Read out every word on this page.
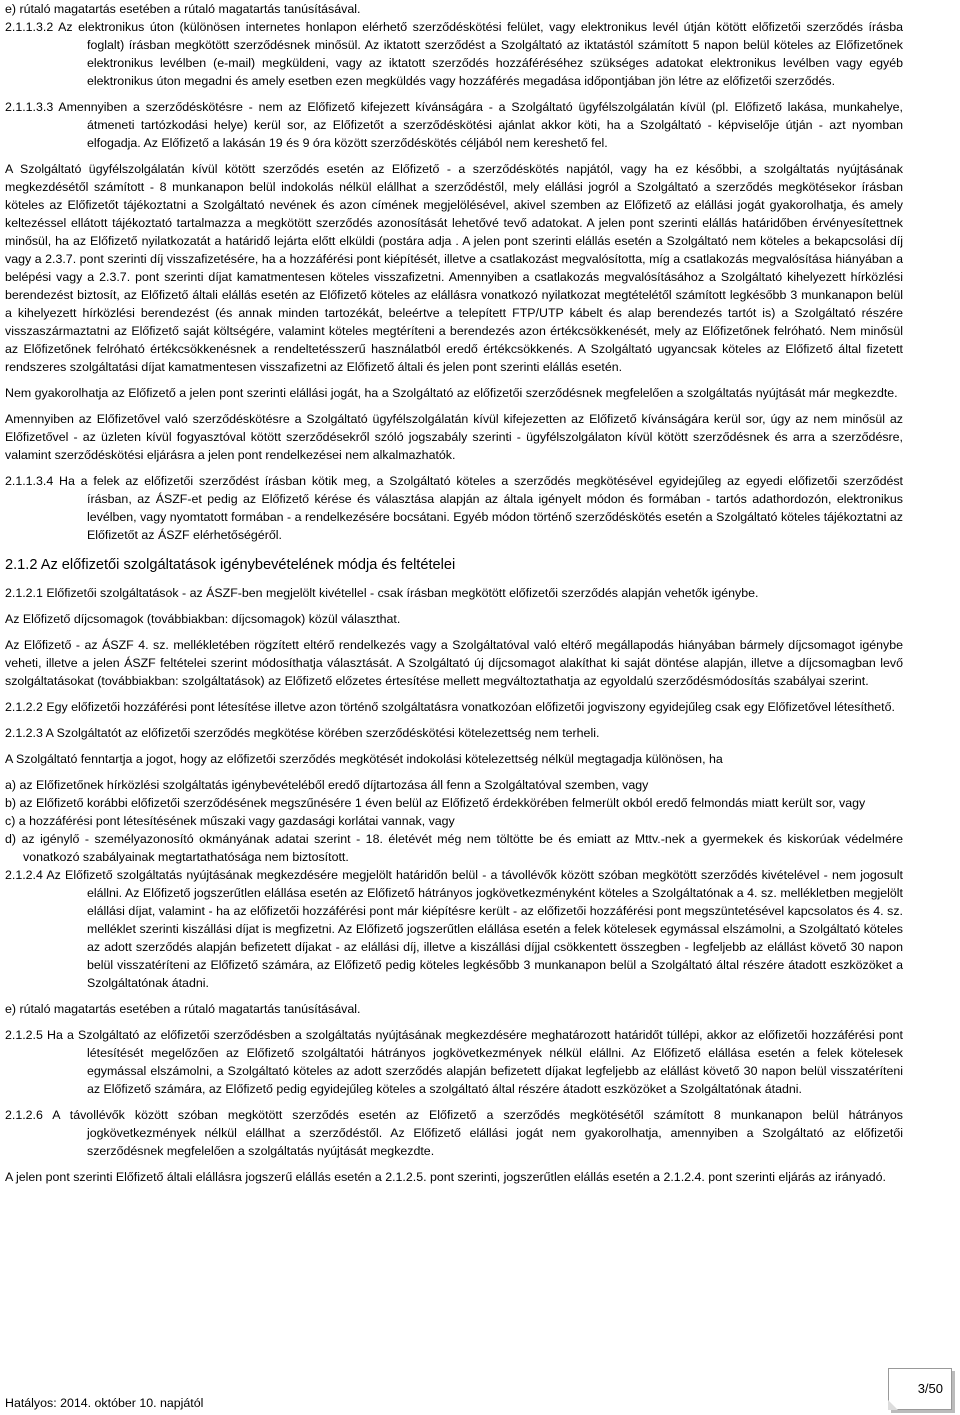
e) rútaló magatartás esetében a rútaló magatartás tanúsításával.

2.1.1.3.2 Az elektronikus úton (különösen internetes honlapon elérhető szerződéskötési felület, vagy elektronikus levél útján kötött előfizetői szerződés írásba foglalt) írásban megkötött szerződésnek minősül. Az iktatott szerződést a Szolgáltató az iktatástól számított 5 napon belül köteles az Előfizetőnek elektronikus levélben (e-mail) megküldeni, vagy az iktatott szerződés hozzáféréséhez szükséges adatokat elektronikus levélben vagy egyéb elektronikus úton megadni és amely esetben ezen megküldés vagy hozzáférés megadása időpontjában jön létre az előfizetői szerződés.

2.1.1.3.3 Amennyiben a szerződéskötésre - nem az Előfizető kifejezett kívánságára - a Szolgáltató ügyfélszolgálatán kívül (pl. Előfizető lakása, munkahelye, átmeneti tartózkodási helye) kerül sor, az Előfizetőt a szerződéskötési ajánlat akkor köti, ha a Szolgáltató - képviselője útján - azt nyomban elfogadja. Az Előfizető a lakásán 19 és 9 óra között szerződéskötés céljából nem kereshető fel.

A Szolgáltató ügyfélszolgálatán kívül kötött szerződés esetén az Előfizető - a szerződéskötés napjától, vagy ha ez későbbi, a szolgáltatás nyújtásának megkezdésétől számított - 8 munkanapon belül indokolás nélkül elállhat a szerződéstől, mely elállási jogról a Szolgáltató a szerződés megkötésekor írásban köteles az Előfizetőt tájékoztatni a Szolgáltató nevének és azon címének megjelölésével, akivel szemben az Előfizető az elállási jogát gyakorolhatja, és amely keltezéssel ellátott tájékoztató tartalmazza a megkötött szerződés azonosítását lehetővé tevő adatokat. A jelen pont szerinti elállás határidőben érvényesítettnek minősül, ha az Előfizető nyilatkozatát a határidő lejárta előtt elküldi (postára adja . A jelen pont szerinti elállás esetén a Szolgáltató nem köteles a bekapcsolási díj vagy a 2.3.7. pont szerinti díj visszafizetésére, ha a hozzáférési pont kiépítését, illetve a csatlakozást megvalósította, míg a csatlakozás megvalósítása hiányában a belépési vagy a 2.3.7. pont szerinti díjat kamatmentesen köteles visszafizetni. Amennyiben a csatlakozás megvalósításához a Szolgáltató kihelyezett hírközlési berendezést biztosít, az Előfizető általi elállás esetén az Előfizető köteles az elállásra vonatkozó nyilatkozat megtételétől számított legkésőbb 3 munkanapon belül a kihelyezett hírközlési berendezést (és annak minden tartozékát, beleértve a telepített FTP/UTP kábelt és alap berendezés tartót is) a Szolgáltató részére visszaszármaztatni az Előfizető saját költségére, valamint köteles megtéríteni a berendezés azon értékcsökkenését, mely az Előfizetőnek felróható. Nem minősül az Előfizetőnek felróható értékcsökkenésnek a rendeltetésszerű használatból eredő értékcsökkenés. A Szolgáltató ugyancsak köteles az Előfizető által fizetett rendszeres szolgáltatási díjat kamatmentesen visszafizetni az Előfizető általi és jelen pont szerinti elállás esetén.

Nem gyakorolhatja az Előfizető a jelen pont szerinti elállási jogát, ha a Szolgáltató az előfizetői szerződésnek megfelelően a szolgáltatás nyújtását már megkezdte.

Amennyiben az Előfizetővel való szerződéskötésre a Szolgáltató ügyfélszolgálatán kívül kifejezetten az Előfizető kívánságára kerül sor, úgy az nem minősül az Előfizetővel - az üzleten kívül fogyasztóval kötött szerződésekről szóló jogszabály szerinti - ügyfélszolgálaton kívül kötött szerződésnek és arra a szerződésre, valamint szerződéskötési eljárásra a jelen pont rendelkezései nem alkalmazhatók.

2.1.1.3.4 Ha a felek az előfizetői szerződést írásban kötik meg, a Szolgáltató köteles a szerződés megkötésével egyidejűleg az egyedi előfizetői szerződést írásban, az ÁSZF-et pedig az Előfizető kérése és választása alapján az általa igényelt módon és formában - tartós adathordozón, elektronikus levélben, vagy nyomtatott formában - a rendelkezésére bocsátani. Egyéb módon történő szerződéskötés esetén a Szolgáltató köteles tájékoztatni az Előfizetőt az ÁSZF elérhetőségéről.

2.1.2 Az előfizetői szolgáltatások igénybevételének módja és feltételei

2.1.2.1 Előfizetői szolgáltatások - az ÁSZF-ben megjelölt kivétellel - csak írásban megkötött előfizetői szerződés alapján vehetők igénybe.

Az Előfizető díjcsomagok (továbbiakban: díjcsomagok) közül választhat.

Az Előfizető - az ÁSZF 4. sz. mellékletében rögzített eltérő rendelkezés vagy a Szolgáltatóval való eltérő megállapodás hiányában bármely díjcsomagot igénybe veheti, illetve a jelen ÁSZF feltételei szerint módosíthatja választását. A Szolgáltató új díjcsomagot alakíthat ki saját döntése alapján, illetve a díjcsomagban levő szolgáltatásokat (továbbiakban: szolgáltatások) az Előfizető előzetes értesítése mellett megváltoztathatja az egyoldalú szerződésmódosítás szabályai szerint.

2.1.2.2 Egy előfizetői hozzáférési pont létesítése illetve azon történő szolgáltatásra vonatkozóan előfizetői jogviszony egyidejűleg csak egy Előfizetővel létesíthető.

2.1.2.3 A Szolgáltatót az előfizetői szerződés megkötése körében szerződéskötési kötelezettség nem terheli.

A Szolgáltató fenntartja a jogot, hogy az előfizetői szerződés megkötését indokolási kötelezettség nélkül megtagadja különösen, ha

a) az Előfizetőnek hírközlési szolgáltatás igénybevételéből eredő díjtartozása áll fenn a Szolgáltatóval szemben, vagy

b) az Előfizető korábbi előfizetői szerződésének megszűnésére 1 éven belül az Előfizető érdekkörében felmerült okból eredő felmondás miatt került sor, vagy

c) a hozzáférési pont létesítésének műszaki vagy gazdasági korlátai vannak, vagy

d) az igénylő - személyazonosító okmányának adatai szerint - 18. életévét még nem töltötte be és emiatt az Mttv.-nek a gyermekek és kiskorúak védelmére vonatkozó szabályainak megtartathatósága nem biztosított.

2.1.2.4 Az Előfizető szolgáltatás nyújtásának megkezdésére megjelölt határidőn belül - a távollévők között szóban megkötött szerződés kivételével - nem jogosult elállni. Az Előfizető jogszerűtlen elállása esetén az Előfizető hátrányos jogkövetkezményként köteles a Szolgáltatónak a 4. sz. mellékletben megjelölt elállási díjat, valamint - ha az előfizetői hozzáférési pont már kiépítésre került - az előfizetői hozzáférési pont megszüntetésével kapcsolatos és 4. sz. melléklet szerinti kiszállási díjat is megfizetni. Az Előfizető jogszerűtlen elállása esetén a felek kötelesek egymással elszámolni, a Szolgáltató köteles az adott szerződés alapján befizetett díjakat - az elállási díj, illetve a kiszállási díjjal csökkentett összegben - legfeljebb az elállást követő 30 napon belül visszatéríteni az Előfizető számára, az Előfizető pedig köteles legkésőbb 3 munkanapon belül a Szolgáltató által részére átadott eszközöket a Szolgáltatónak átadni.

e) rútaló magatartás esetében a rútaló magatartás tanúsításával.

2.1.2.5 Ha a Szolgáltató az előfizetői szerződésben a szolgáltatás nyújtásának megkezdésére meghatározott határidőt túllépi, akkor az előfizetői hozzáférési pont létesítését megelőzően az Előfizető szolgáltatói hátrányos jogkövetkezmények nélkül elállni. Az Előfizető elállása esetén a felek kötelesek egymással elszámolni, a Szolgáltató köteles az adott szerződés alapján befizetett díjakat legfeljebb az elállást követő 30 napon belül visszatéríteni az Előfizető számára, az Előfizető pedig egyidejűleg köteles a szolgáltató által részére átadott eszközöket a Szolgáltatónak átadni.

2.1.2.6 A távollévők között szóban megkötött szerződés esetén az Előfizető a szerződés megkötésétől számított 8 munkanapon belül hátrányos jogkövetkezmények nélkül elállhat a szerződéstől. Az Előfizető elállási jogát nem gyakorolhatja, amennyiben a Szolgáltató az előfizetői szerződésnek megfelelően a szolgáltatás nyújtását megkezdte.

A jelen pont szerinti Előfizető általi elállásra jogszerű elállás esetén a 2.1.2.5. pont szerinti, jogszerűtlen elállás esetén a 2.1.2.4. pont szerinti eljárás az irányadó.

Hatályos: 2014. október 10. napjától
3/50
